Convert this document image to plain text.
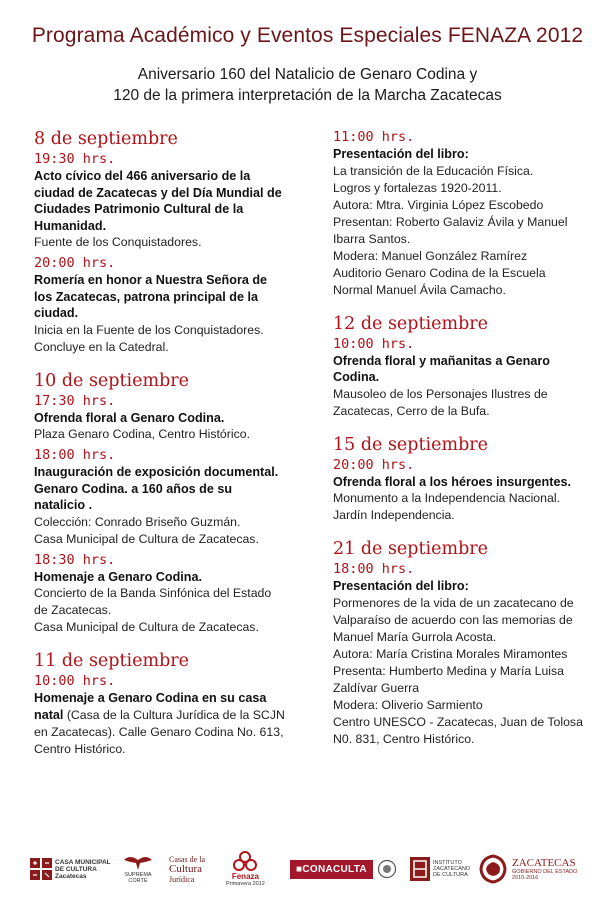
Programa Académico y Eventos Especiales FENAZA 2012
Aniversario 160 del Natalicio de Genaro Codina y
120 de la primera interpretación de la Marcha Zacatecas
8 de septiembre
19:30 hrs.
Acto cívico del 466 aniversario de la
ciudad de Zacatecas y del Día Mundial de
Ciudades Patrimonio Cultural de la
Humanidad.
Fuente de los Conquistadores.
20:00 hrs.
Romería en honor a Nuestra Señora de
los Zacatecas, patrona principal de la
ciudad.
Inicia en la Fuente de los Conquistadores.
Concluye en la Catedral.
10 de septiembre
17:30 hrs.
Ofrenda floral a Genaro Codina.
Plaza Genaro Codina, Centro Histórico.
18:00 hrs.
Inauguración de exposición documental.
Genaro Codina. a 160 años de su
natalicio .
Colección: Conrado Briseño Guzmán.
Casa Municipal de Cultura de Zacatecas.
18:30 hrs.
Homenaje a Genaro Codina.
Concierto de la Banda Sinfónica del Estado
de Zacatecas.
Casa Municipal de Cultura de Zacatecas.
11 de septiembre
10:00 hrs.
Homenaje a Genaro Codina en su casa
natal (Casa de la Cultura Jurídica de la SCJN
en Zacatecas). Calle Genaro Codina No. 613,
Centro Histórico.
11:00 hrs.
Presentación del libro:
La transición de la Educación Física.
Logros y fortalezas 1920-2011.
Autora: Mtra. Virginia López Escobedo
Presentan: Roberto Galaviz Ávila y Manuel
Ibarra Santos.
Modera: Manuel González Ramírez
Auditorio Genaro Codina de la Escuela
Normal Manuel Ávila Camacho.
12 de septiembre
10:00 hrs.
Ofrenda floral y mañanitas a Genaro
Codina.
Mausoleo de los Personajes Ilustres de
Zacatecas, Cerro de la Bufa.
15 de septiembre
20:00 hrs.
Ofrenda floral a los héroes insurgentes.
Monumento a la Independencia Nacional.
Jardín Independencia.
21 de septiembre
18:00 hrs.
Presentación del libro:
Pormenores de la vida de un zacatecano de
Valparaíso de acuerdo con las memorias de
Manuel María Gurrola Acosta.
Autora: María Cristina Morales Miramontes
Presenta: Humberto Medina y María Luisa
Zaldívar Guerra
Modera: Oliverio Sarmiento
Centro UNESCO - Zacatecas, Juan de Tolosa
N0. 831, Centro Histórico.
CASA MUNICIPAL
DE CULTURA
Zacatecas	SUPREMA
CORTE
Casas de la
Cultura
Jurídica	Fenaza
Primavera 2012
■CONACULTA
INSTITUTO
ZACATECANO
DE CULTURA
ZACATECAS
GOBIERNO DEL ESTADO
2010-2016
